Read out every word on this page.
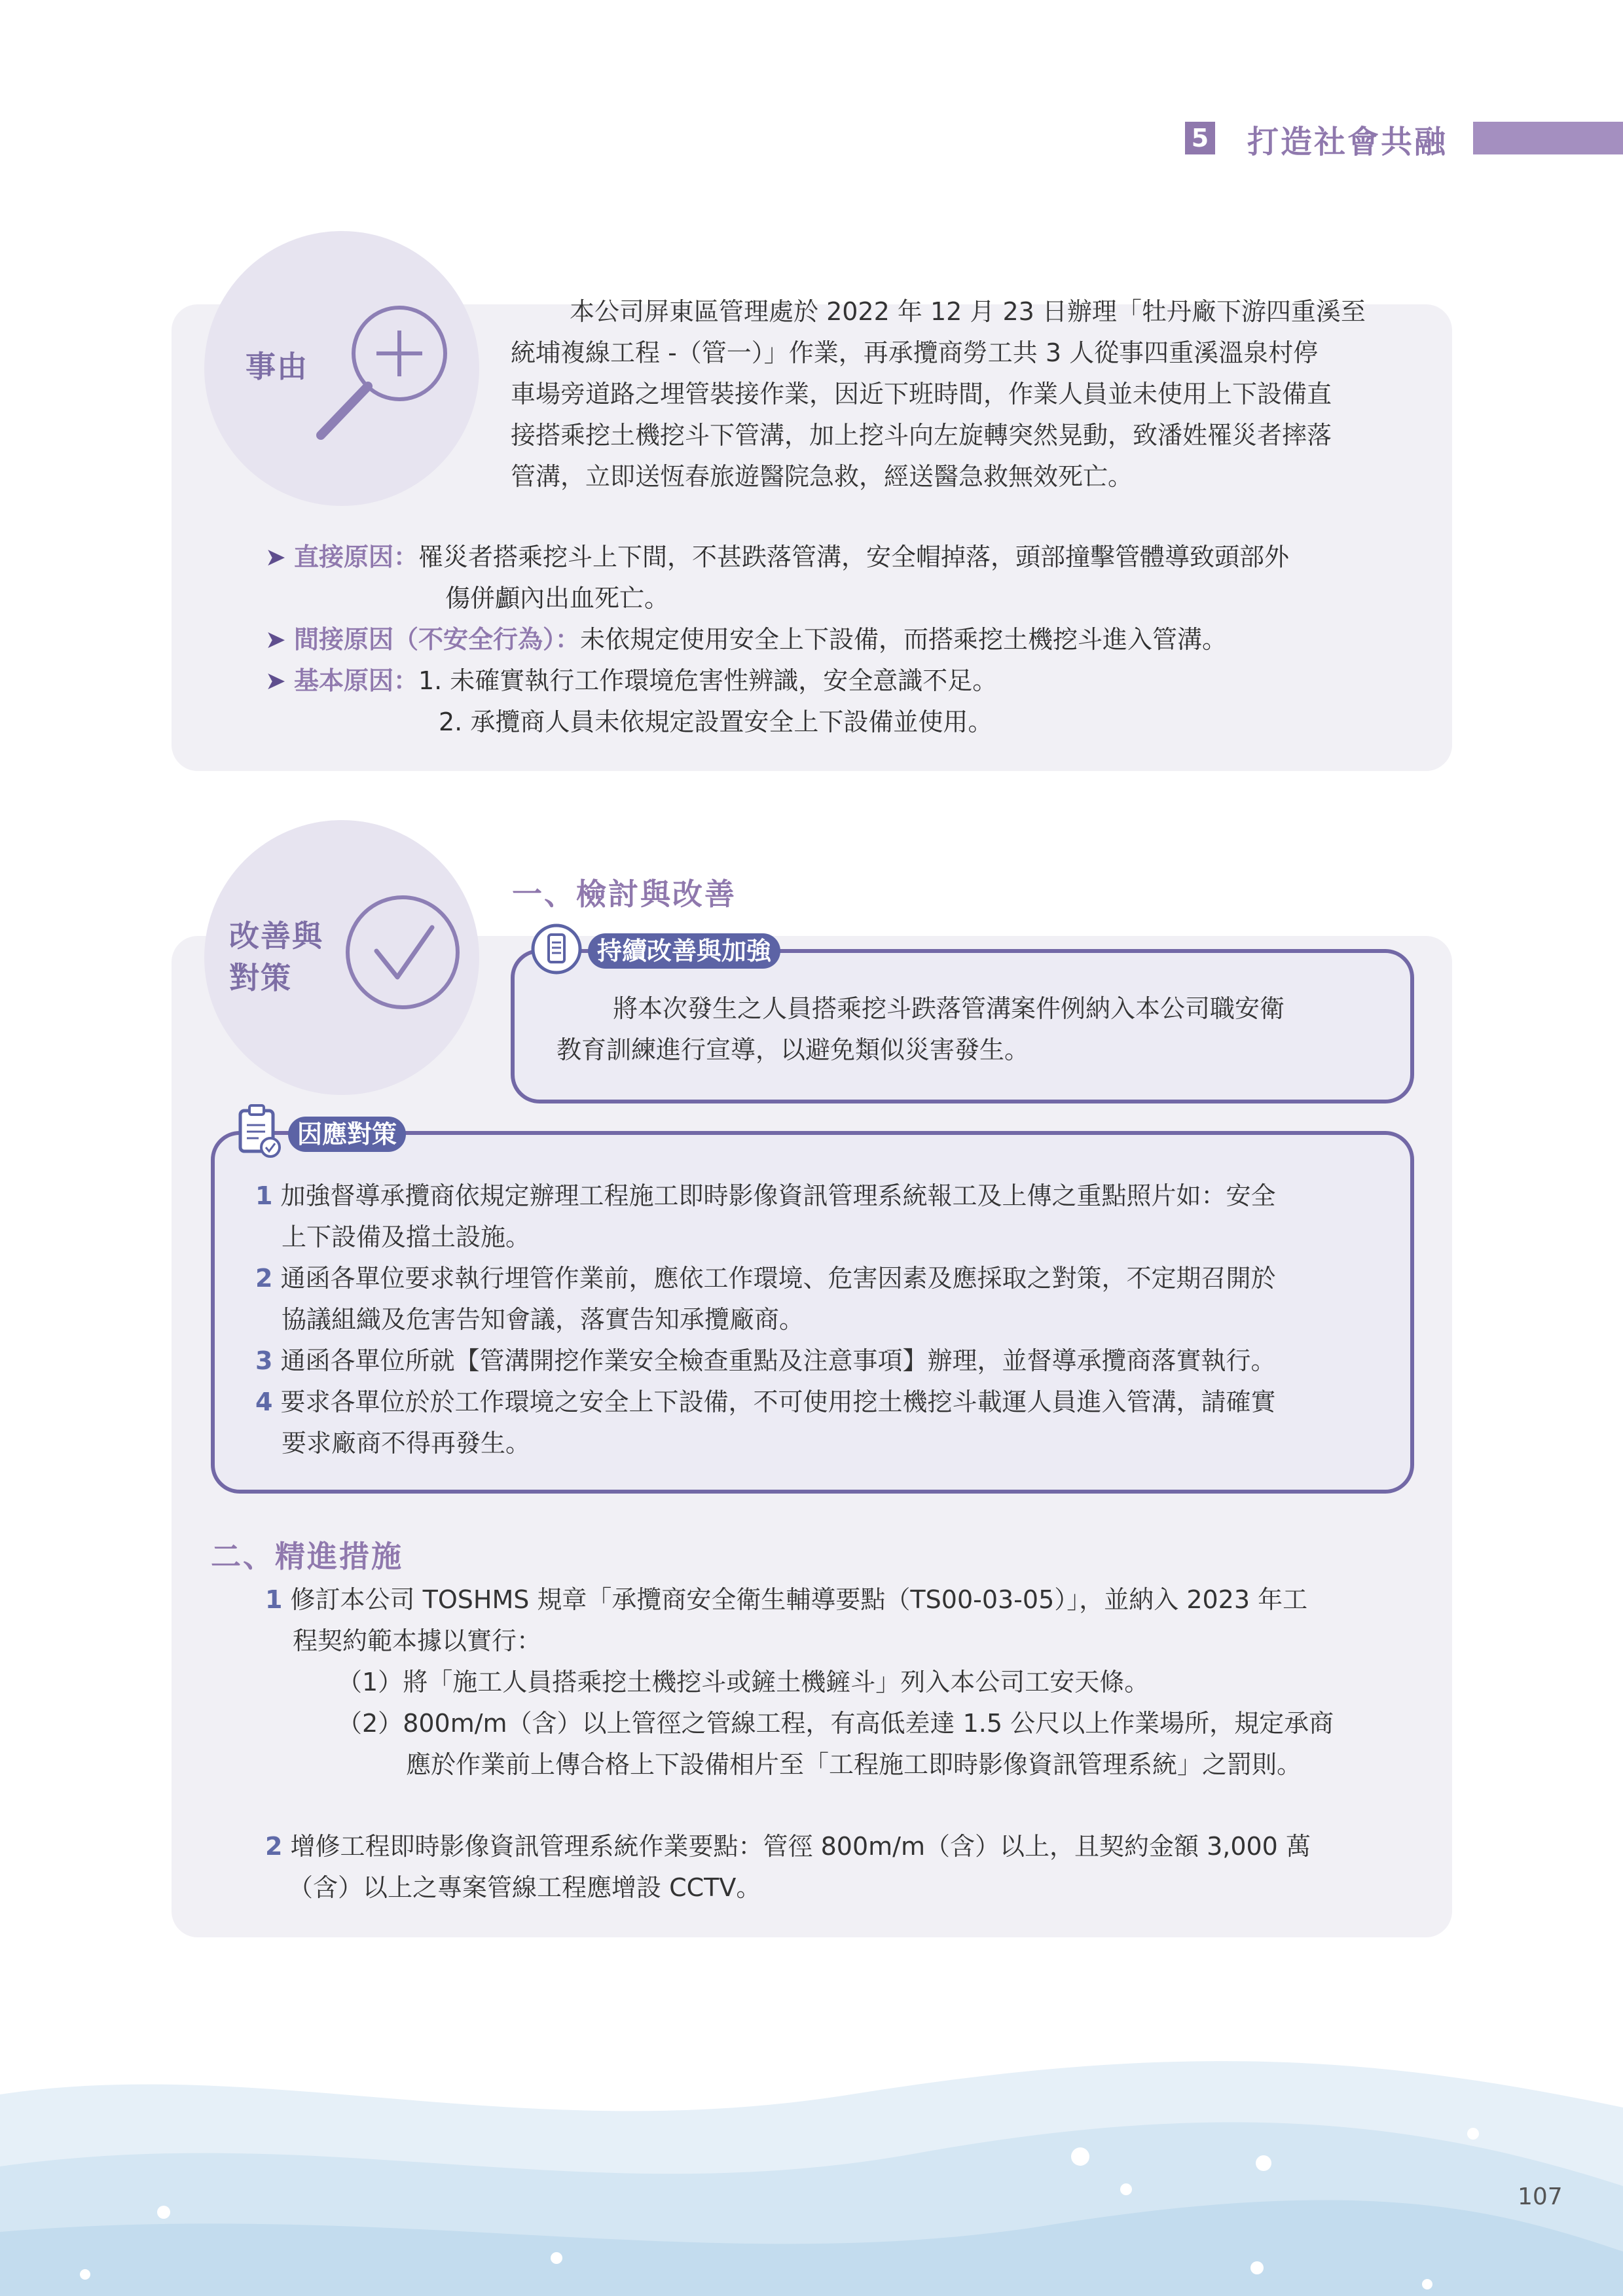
5 打造社會共融
事由
本公司屏東區管理處於 2022 年 12 月 23 日辦理「牡丹廠下游四重溪至
統埔複線工程 -（管一）」作業，再承攬商勞工共 3 人從事四重溪溫泉村停
車場旁道路之埋管裝接作業，因近下班時間，作業人員並未使用上下設備直
接搭乘挖土機挖斗下管溝，加上挖斗向左旋轉突然晃動，致潘姓罹災者摔落
管溝，立即送恆春旅遊醫院急救，經送醫急救無效死亡。
➤ 直接原因：罹災者搭乘挖斗上下間，不甚跌落管溝，安全帽掉落，頭部撞擊管體導致頭部外
傷併顱內出血死亡。
➤ 間接原因（不安全行為）：未依規定使用安全上下設備，而搭乘挖土機挖斗進入管溝。
➤ 基本原因：1. 未確實執行工作環境危害性辨識，安全意識不足。
2. 承攬商人員未依規定設置安全上下設備並使用。
改善與
對策
一、檢討與改善
將本次發生之人員搭乘挖斗跌落管溝案件例納入本公司職安衛
教育訓練進行宣導，以避免類似災害發生。
持續改善與加強
1 加強督導承攬商依規定辦理工程施工即時影像資訊管理系統報工及上傳之重點照片如：安全
上下設備及擋土設施。
2 通函各單位要求執行埋管作業前，應依工作環境、危害因素及應採取之對策，不定期召開於
協議組織及危害告知會議，落實告知承攬廠商。
3 通函各單位所就【管溝開挖作業安全檢查重點及注意事項】辦理，並督導承攬商落實執行。
4 要求各單位於於工作環境之安全上下設備，不可使用挖土機挖斗載運人員進入管溝，請確實
要求廠商不得再發生。
因應對策
二、精進措施
1 修訂本公司 TOSHMS 規章「承攬商安全衛生輔導要點（TS00-03-05）」，並納入 2023 年工
程契約範本據以實行：
（1）將「施工人員搭乘挖土機挖斗或鏟土機鏟斗」列入本公司工安天條。
（2）800m/m（含）以上管徑之管線工程，有高低差達 1.5 公尺以上作業場所，規定承商
應於作業前上傳合格上下設備相片至「工程施工即時影像資訊管理系統」之罰則。
2 增修工程即時影像資訊管理系統作業要點：管徑 800m/m（含）以上，且契約金額 3,000 萬
（含）以上之專案管線工程應增設 CCTV。
107
